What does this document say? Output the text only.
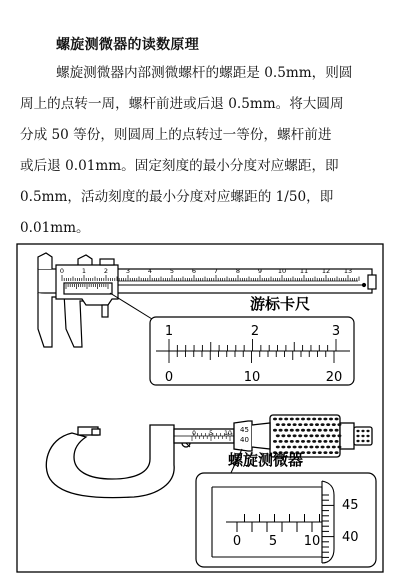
螺旋测微器的读数原理
螺旋测微器内部测微螺杆的螺距是 0.5mm，则圆
周上的点转一周，螺杆前进或后退 0.5mm。将大圆周
分成 50 等份，则圆周上的点转过一等份，螺杆前进
或后退 0.01mm。固定刻度的最小分度对应螺距，即
0.5mm，活动刻度的最小分度对应螺距的 1/50，即
0.01mm。
0	1	2	3	4	5	6	7	8	9 10 11 12 13
游标卡尺
1	2	3
0	10	20
0 5 10 45
40
螺旋测微器
0 5 10
45
40
